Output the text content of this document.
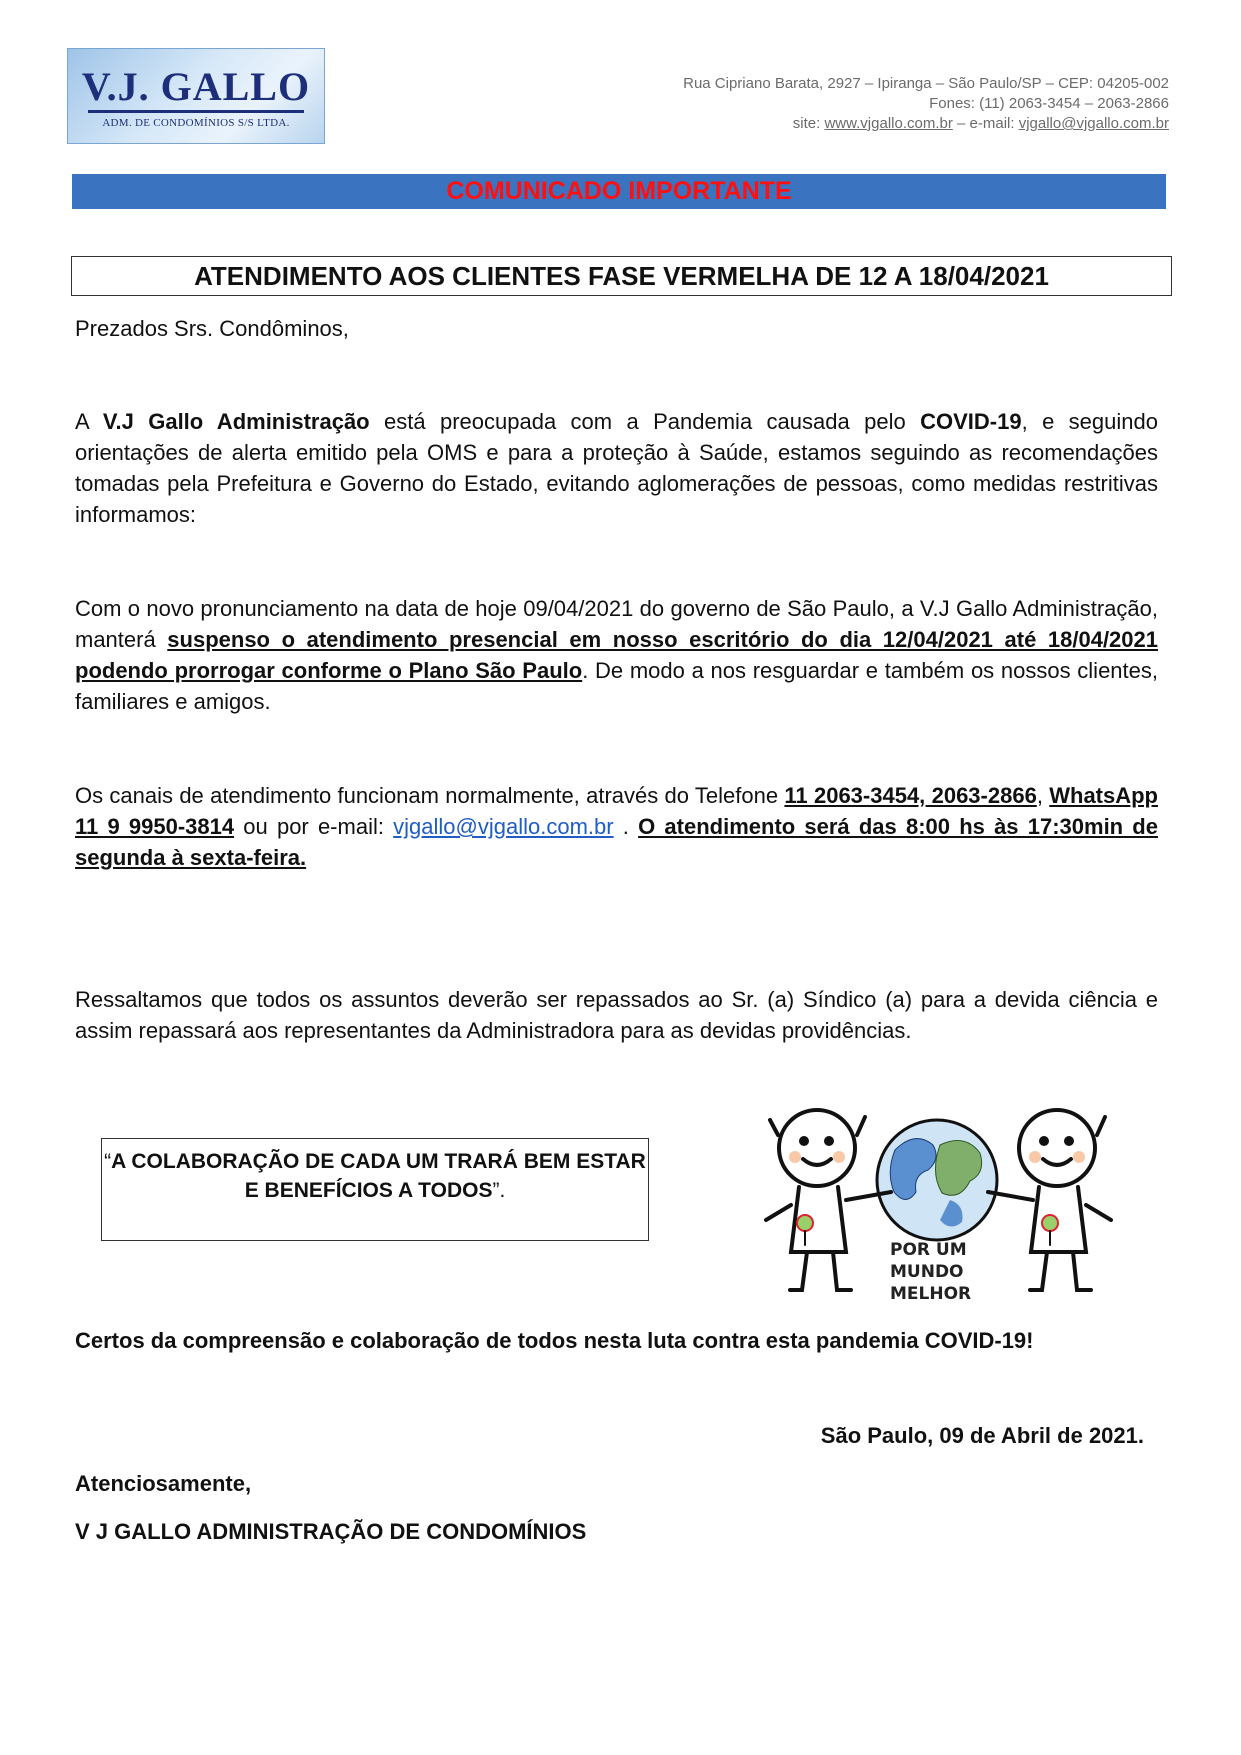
V.J. GALLO
ADM. DE CONDOMÍNIOS S/S LTDA.
Rua Cipriano Barata, 2927 – Ipiranga – São Paulo/SP – CEP: 04205-002
Fones: (11) 2063-3454 – 2063-2866
site: www.vjgallo.com.br – e-mail: vjgallo@vjgallo.com.br
COMUNICADO IMPORTANTE
ATENDIMENTO AOS CLIENTES FASE VERMELHA DE 12 A 18/04/2021
Prezados Srs. Condôminos,
A V.J Gallo Administração está preocupada com a Pandemia causada pelo COVID-19, e seguindo orientações de alerta emitido pela OMS e para a proteção à Saúde, estamos seguindo as recomendações tomadas pela Prefeitura e Governo do Estado, evitando aglomerações de pessoas, como medidas restritivas informamos:
Com o novo pronunciamento na data de hoje 09/04/2021 do governo de São Paulo, a V.J Gallo Administração, manterá suspenso o atendimento presencial em nosso escritório do dia 12/04/2021 até 18/04/2021 podendo prorrogar conforme o Plano São Paulo. De modo a nos resguardar e também os nossos clientes, familiares e amigos.
Os canais de atendimento funcionam normalmente, através do Telefone 11 2063-3454, 2063-2866, WhatsApp 11 9 9950-3814 ou por e-mail: vjgallo@vjgallo.com.br . O atendimento será das 8:00 hs às 17:30min de segunda à sexta-feira.
Ressaltamos que todos os assuntos deverão ser repassados ao Sr. (a) Síndico (a) para a devida ciência e assim repassará aos representantes da Administradora para as devidas providências.
“A COLABORAÇÃO DE CADA UM TRARÁ BEM ESTAR E BENEFÍCIOS A TODOS”.
POR UM
MUNDO
MELHOR
Certos da compreensão e colaboração de todos nesta luta contra esta pandemia COVID-19!
São Paulo, 09 de Abril de 2021.
Atenciosamente,
V J GALLO ADMINISTRAÇÃO DE CONDOMÍNIOS
